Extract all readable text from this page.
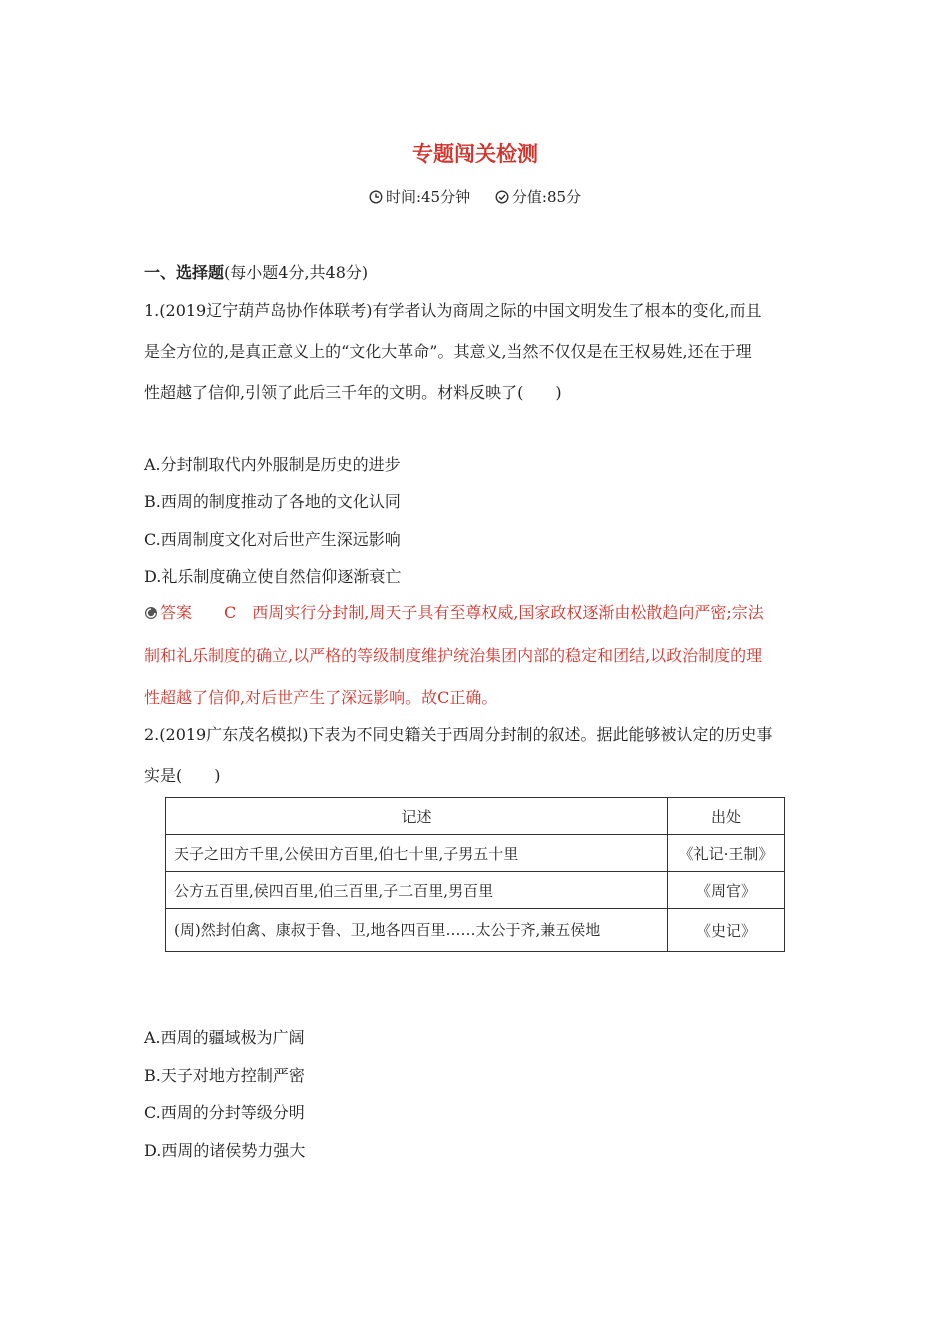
专题闯关检测
时间:45分钟
	分值:85分
一、选择题(每小题4分,共48分)
1.(2019辽宁葫芦岛协作体联考)有学者认为商周之际的中国文明发生了根本的变化,而且
是全方位的,是真正意义上的“文化大革命”。其意义,当然不仅仅是在王权易姓,还在于理
性超越了信仰,引领了此后三千年的文明。材料反映了(　　)
A.分封制取代内外服制是历史的进步
B.西周的制度推动了各地的文化认同
C.西周制度文化对后世产生深远影响
D.礼乐制度确立使自然信仰逐渐衰亡
答案　　C　西周实行分封制,周天子具有至尊权威,国家政权逐渐由松散趋向严密;宗法
制和礼乐制度的确立,以严格的等级制度维护统治集团内部的稳定和团结,以政治制度的理
性超越了信仰,对后世产生了深远影响。故C正确。
2.(2019广东茂名模拟)下表为不同史籍关于西周分封制的叙述。据此能够被认定的历史事
实是(　　)
记述	出处
天子之田方千里,公侯田方百里,伯七十里,子男五十里	《礼记·王制》
公方五百里,侯四百里,伯三百里,子二百里,男百里	《周官》
(周)然封伯禽、康叔于鲁、卫,地各四百里……太公于齐,兼五侯地	《史记》
A.西周的疆域极为广阔
B.天子对地方控制严密
C.西周的分封等级分明
D.西周的诸侯势力强大
